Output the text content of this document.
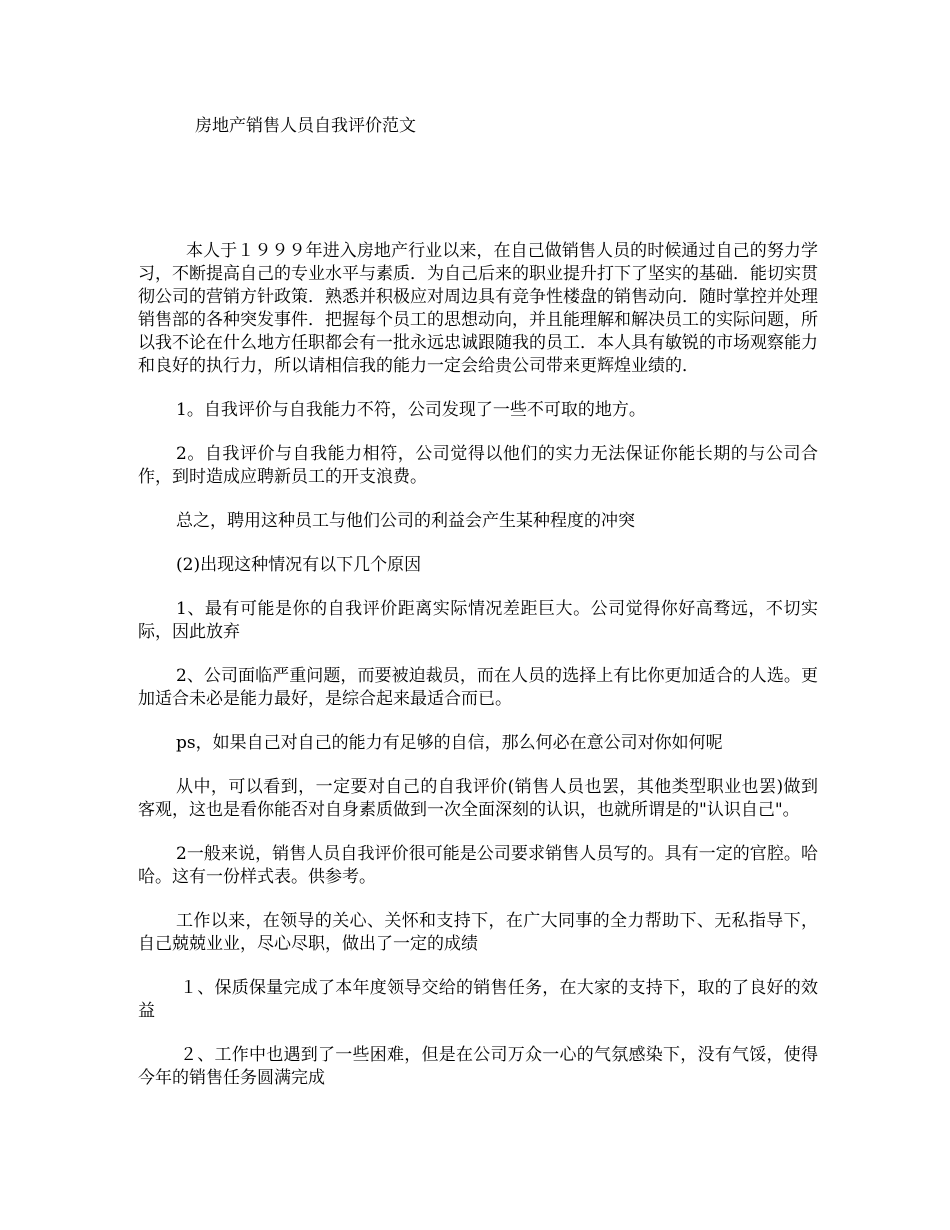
房地产销售人员自我评价范文

本人于１９９９年进入房地产行业以来，在自己做销售人员的时候通过自己的努力学习，不断提高自己的专业水平与素质．为自己后来的职业提升打下了坚实的基础．能切实贯彻公司的营销方针政策．熟悉并积极应对周边具有竞争性楼盘的销售动向．随时掌控并处理销售部的各种突发事件．把握每个员工的思想动向，并且能理解和解决员工的实际问题，所以我不论在什么地方任职都会有一批永远忠诚跟随我的员工．本人具有敏锐的市场观察能力和良好的执行力，所以请相信我的能力一定会给贵公司带来更辉煌业绩的．

1。自我评价与自我能力不符，公司发现了一些不可取的地方。

2。自我评价与自我能力相符，公司觉得以他们的实力无法保证你能长期的与公司合作，到时造成应聘新员工的开支浪费。

总之，聘用这种员工与他们公司的利益会产生某种程度的冲突

(2)出现这种情况有以下几个原因

1、最有可能是你的自我评价距离实际情况差距巨大。公司觉得你好高骛远，不切实际，因此放弃

2、公司面临严重问题，而要被迫裁员，而在人员的选择上有比你更加适合的人选。更加适合未必是能力最好，是综合起来最适合而已。

ps，如果自己对自己的能力有足够的自信，那么何必在意公司对你如何呢

从中，可以看到，一定要对自己的自我评价(销售人员也罢，其他类型职业也罢)做到客观，这也是看你能否对自身素质做到一次全面深刻的认识，也就所谓是的"认识自己"。

2一般来说，销售人员自我评价很可能是公司要求销售人员写的。具有一定的官腔。哈哈。这有一份样式表。供参考。

工作以来，在领导的关心、关怀和支持下，在广大同事的全力帮助下、无私指导下，自己兢兢业业，尽心尽职，做出了一定的成绩

１、保质保量完成了本年度领导交给的销售任务，在大家的支持下，取的了良好的效益

２、工作中也遇到了一些困难，但是在公司万众一心的气氛感染下，没有气馁，使得今年的销售任务圆满完成
